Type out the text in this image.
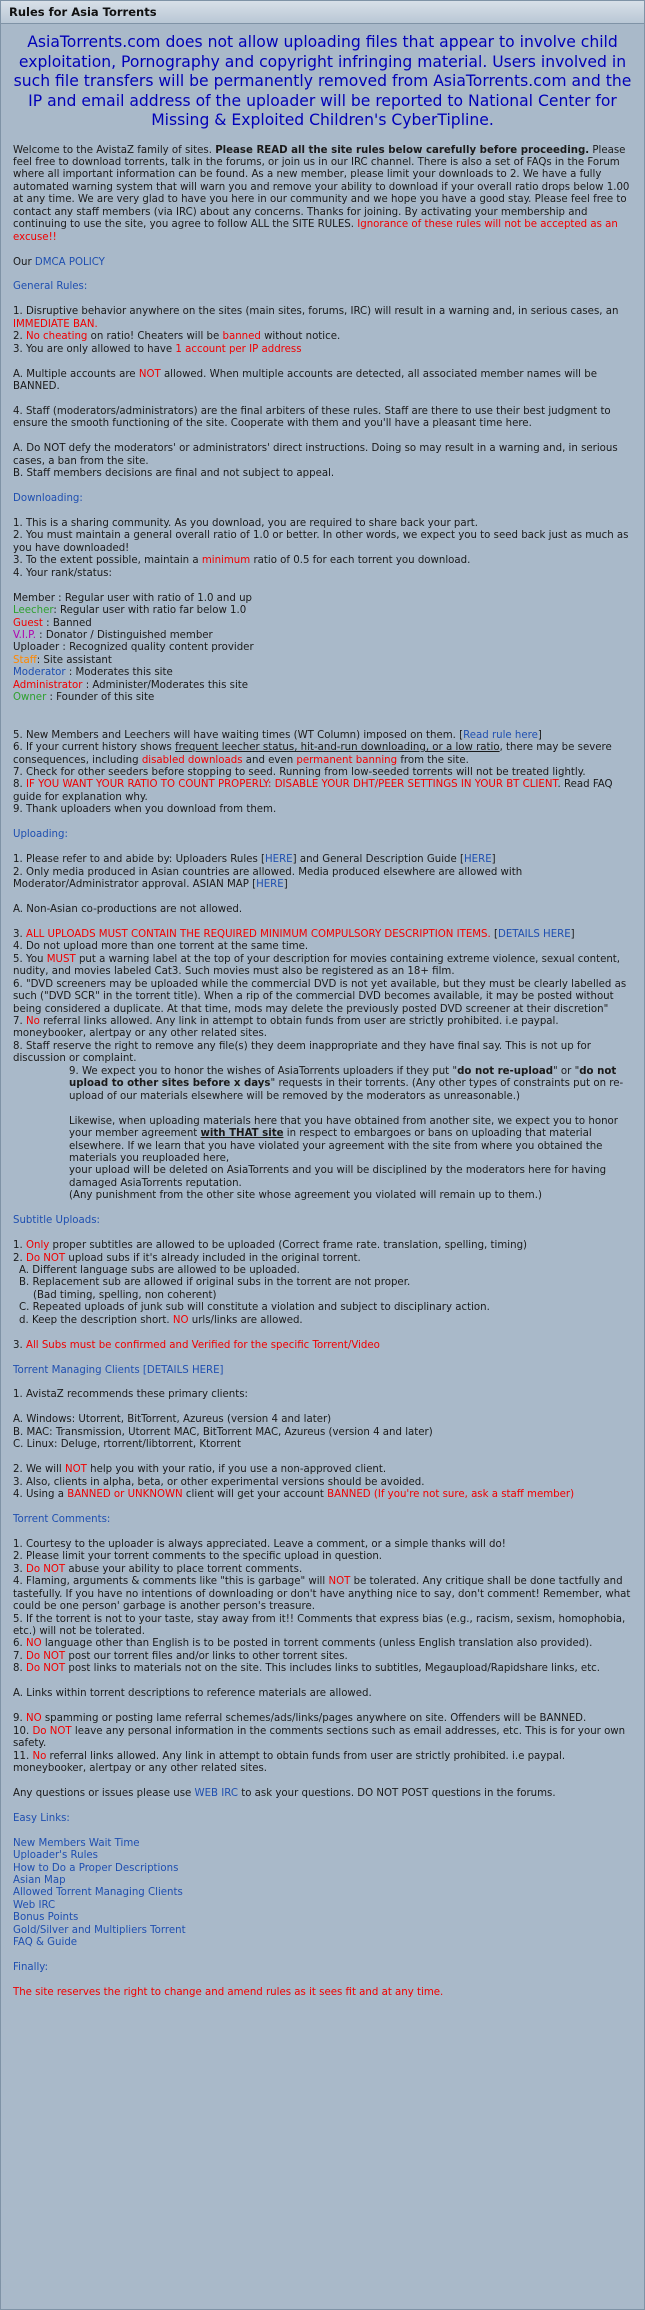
Rules for Asia Torrents
AsiaTorrents.com does not allow uploading files that appear to involve child exploitation, Pornography and copyright infringing material. Users involved in such file transfers will be permanently removed from AsiaTorrents.com and the IP and email address of the uploader will be reported to National Center for Missing & Exploited Children's CyberTipline.
Welcome to the AvistaZ family of sites. Please READ all the site rules below carefully before proceeding. Please feel free to download torrents, talk in the forums, or join us in our IRC channel. There is also a set of FAQs in the Forum where all important information can be found. As a new member, please limit your downloads to 2. We have a fully automated warning system that will warn you and remove your ability to download if your overall ratio drops below 1.00 at any time. We are very glad to have you here in our community and we hope you have a good stay. Please feel free to contact any staff members (via IRC) about any concerns. Thanks for joining. By activating your membership and continuing to use the site, you agree to follow ALL the SITE RULES. Ignorance of these rules will not be accepted as an excuse!!
Our DMCA POLICY
General Rules:
1. Disruptive behavior anywhere on the sites (main sites, forums, IRC) will result in a warning and, in serious cases, an IMMEDIATE BAN.
2. No cheating on ratio! Cheaters will be banned without notice.
3. You are only allowed to have 1 account per IP address
A. Multiple accounts are NOT allowed. When multiple accounts are detected, all associated member names will be BANNED.
4. Staff (moderators/administrators) are the final arbiters of these rules. Staff are there to use their best judgment to ensure the smooth functioning of the site. Cooperate with them and you'll have a pleasant time here.
A. Do NOT defy the moderators' or administrators' direct instructions. Doing so may result in a warning and, in serious cases, a ban from the site.
B. Staff members decisions are final and not subject to appeal.
Downloading:
1. This is a sharing community. As you download, you are required to share back your part.
2. You must maintain a general overall ratio of 1.0 or better. In other words, we expect you to seed back just as much as you have downloaded!
3. To the extent possible, maintain a minimum ratio of 0.5 for each torrent you download.
4. Your rank/status:
Member : Regular user with ratio of 1.0 and up
Leecher: Regular user with ratio far below 1.0
Guest : Banned
V.I.P. : Donator / Distinguished member
Uploader : Recognized quality content provider
Staff: Site assistant
Moderator : Moderates this site
Administrator : Administer/Moderates this site
Owner : Founder of this site
5. New Members and Leechers will have waiting times (WT Column) imposed on them. [Read rule here]
6. If your current history shows frequent leecher status, hit-and-run downloading, or a low ratio, there may be severe consequences, including disabled downloads and even permanent banning from the site.
7. Check for other seeders before stopping to seed. Running from low-seeded torrents will not be treated lightly.
8. IF YOU WANT YOUR RATIO TO COUNT PROPERLY: DISABLE YOUR DHT/PEER SETTINGS IN YOUR BT CLIENT. Read FAQ guide for explanation why.
9. Thank uploaders when you download from them.
Uploading:
1. Please refer to and abide by: Uploaders Rules [HERE] and General Description Guide [HERE]
2. Only media produced in Asian countries are allowed. Media produced elsewhere are allowed with Moderator/Administrator approval. ASIAN MAP [HERE]
A. Non-Asian co-productions are not allowed.
3. ALL UPLOADS MUST CONTAIN THE REQUIRED MINIMUM COMPULSORY DESCRIPTION ITEMS. [DETAILS HERE]
4. Do not upload more than one torrent at the same time.
5. You MUST put a warning label at the top of your description for movies containing extreme violence, sexual content, nudity, and movies labeled Cat3. Such movies must also be registered as an 18+ film.
6. "DVD screeners may be uploaded while the commercial DVD is not yet available, but they must be clearly labelled as such ("DVD SCR" in the torrent title). When a rip of the commercial DVD becomes available, it may be posted without being considered a duplicate. At that time, mods may delete the previously posted DVD screener at their discretion"
7. No referral links allowed. Any link in attempt to obtain funds from user are strictly prohibited. i.e paypal. moneybooker, alertpay or any other related sites.
8. Staff reserve the right to remove any file(s) they deem inappropriate and they have final say. This is not up for discussion or complaint.
9. We expect you to honor the wishes of AsiaTorrents uploaders if they put "do not re-upload" or "do not upload to other sites before x days" requests in their torrents. (Any other types of constraints put on re-upload of our materials elsewhere will be removed by the moderators as unreasonable.)
Likewise, when uploading materials here that you have obtained from another site, we expect you to honor your member agreement with THAT site in respect to embargoes or bans on uploading that material elsewhere. If we learn that you have violated your agreement with the site from where you obtained the materials you reuploaded here,
your upload will be deleted on AsiaTorrents and you will be disciplined by the moderators here for having damaged AsiaTorrents reputation.
(Any punishment from the other site whose agreement you violated will remain up to them.)
Subtitle Uploads:
1. Only proper subtitles are allowed to be uploaded (Correct frame rate. translation, spelling, timing)
2. Do NOT upload subs if it's already included in the original torrent.
A. Different language subs are allowed to be uploaded.
B. Replacement sub are allowed if original subs in the torrent are not proper.
(Bad timing, spelling, non coherent)
C. Repeated uploads of junk sub will constitute a violation and subject to disciplinary action.
d. Keep the description short. NO urls/links are allowed.
3. All Subs must be confirmed and Verified for the specific Torrent/Video
Torrent Managing Clients [DETAILS HERE]
1. AvistaZ recommends these primary clients:
A. Windows: Utorrent, BitTorrent, Azureus (version 4 and later)
B. MAC: Transmission, Utorrent MAC, BitTorrent MAC, Azureus (version 4 and later)
C. Linux: Deluge, rtorrent/libtorrent, Ktorrent
2. We will NOT help you with your ratio, if you use a non-approved client.
3. Also, clients in alpha, beta, or other experimental versions should be avoided.
4. Using a BANNED or UNKNOWN client will get your account BANNED (If you're not sure, ask a staff member)
Torrent Comments:
1. Courtesy to the uploader is always appreciated. Leave a comment, or a simple thanks will do!
2. Please limit your torrent comments to the specific upload in question.
3. Do NOT abuse your ability to place torrent comments.
4. Flaming, arguments & comments like "this is garbage" will NOT be tolerated. Any critique shall be done tactfully and tastefully. If you have no intentions of downloading or don't have anything nice to say, don't comment! Remember, what could be one person' garbage is another person's treasure.
5. If the torrent is not to your taste, stay away from it!! Comments that express bias (e.g., racism, sexism, homophobia, etc.) will not be tolerated.
6. NO language other than English is to be posted in torrent comments (unless English translation also provided).
7. Do NOT post our torrent files and/or links to other torrent sites.
8. Do NOT post links to materials not on the site. This includes links to subtitles, Megaupload/Rapidshare links, etc.
A. Links within torrent descriptions to reference materials are allowed.
9. NO spamming or posting lame referral schemes/ads/links/pages anywhere on site. Offenders will be BANNED.
10. Do NOT leave any personal information in the comments sections such as email addresses, etc. This is for your own safety.
11. No referral links allowed. Any link in attempt to obtain funds from user are strictly prohibited. i.e paypal. moneybooker, alertpay or any other related sites.
Any questions or issues please use WEB IRC to ask your questions. DO NOT POST questions in the forums.
Easy Links:
New Members Wait Time
Uploader's Rules
How to Do a Proper Descriptions
Asian Map
Allowed Torrent Managing Clients
Web IRC
Bonus Points
Gold/Silver and Multipliers Torrent
FAQ & Guide
Finally:
The site reserves the right to change and amend rules as it sees fit and at any time.
